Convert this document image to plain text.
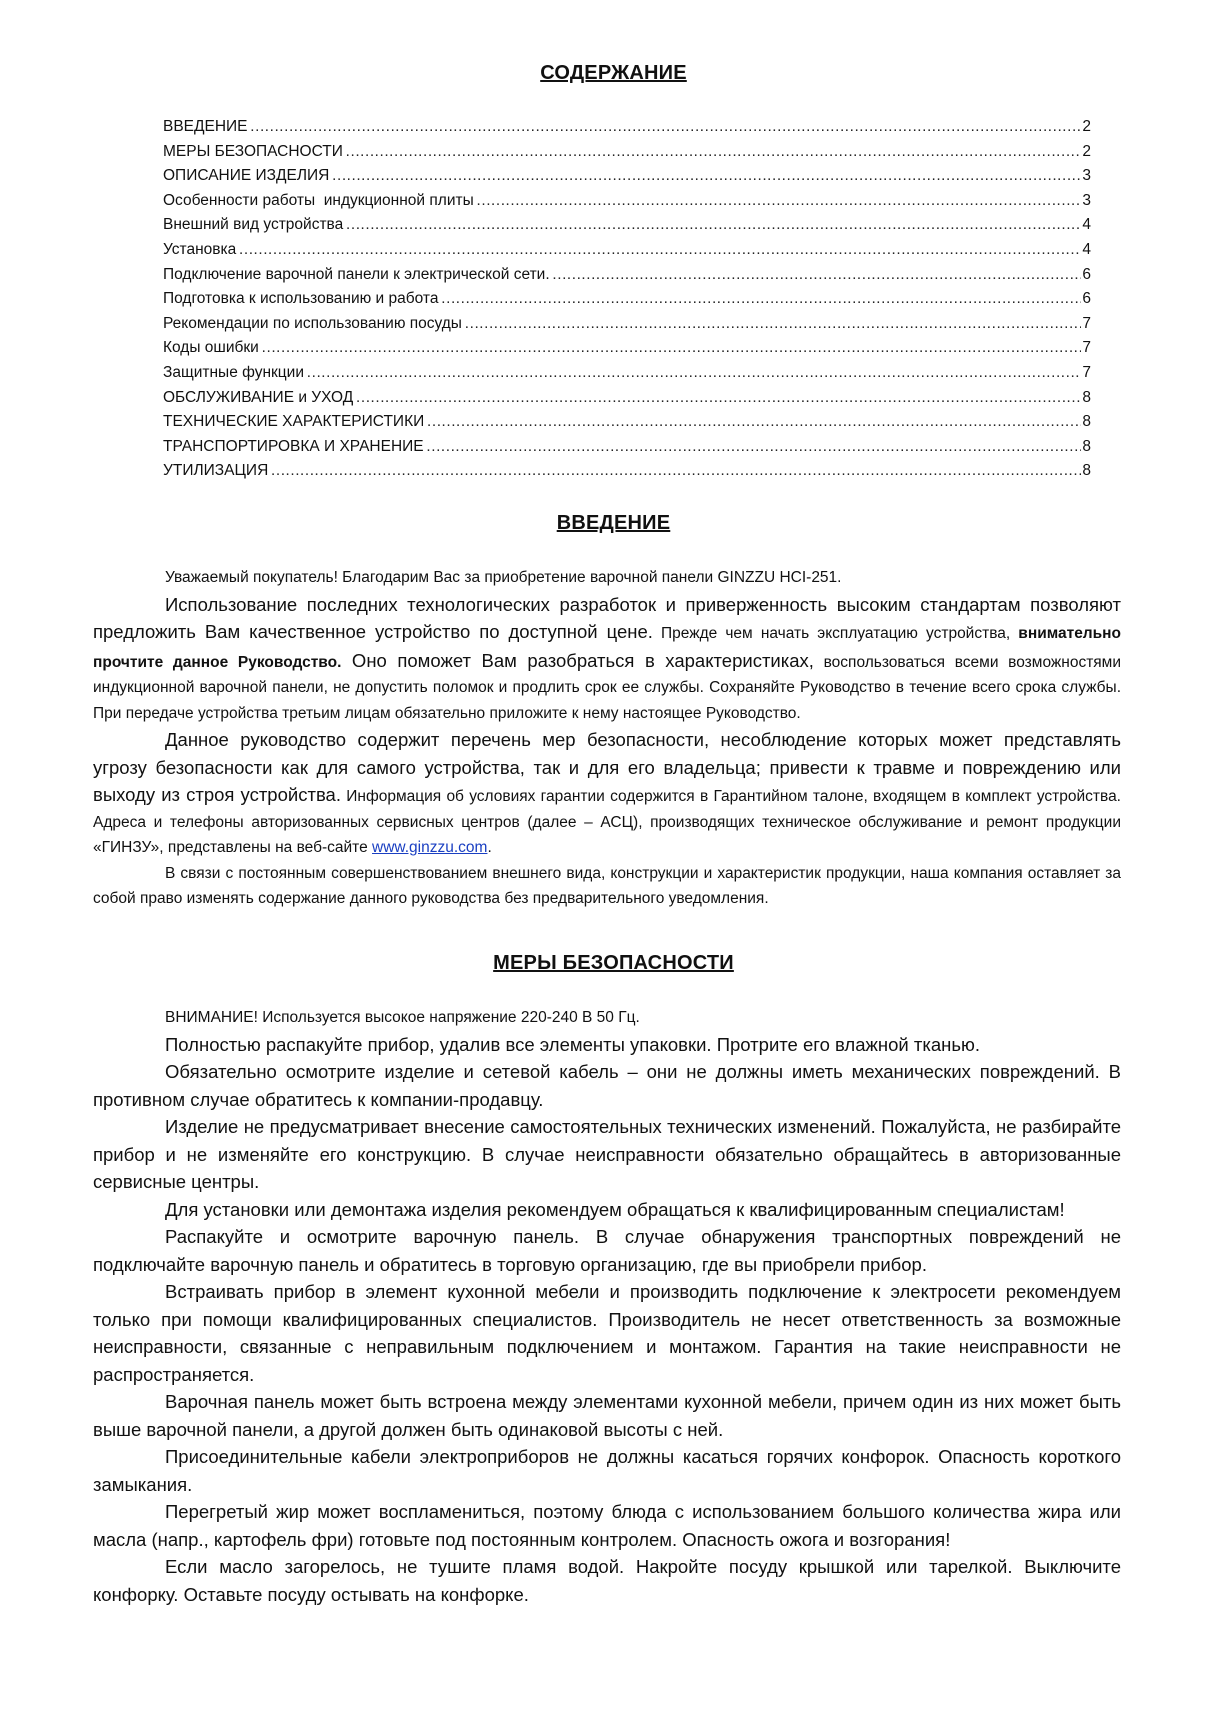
СОДЕРЖАНИЕ
ВВЕДЕНИЕ ………………………………………………………………………………………………………………………………………………………………………………………………………………………………………………………………………………………………………………………………………………………………………………	2
МЕРЫ БЕЗОПАСНОСТИ ………………………………………………………………………………………………………………………………………………………………………………………………………………………………………………………………………………………………………………………………………………………………………………	2
ОПИСАНИЕ ИЗДЕЛИЯ ………………………………………………………………………………………………………………………………………………………………………………………………………………………………………………………………………………………………………………………………………………………………………………	3
Особенности работы  индукционной плиты ………………………………………………………………………………………………………………………………………………………………………………………………………………………………………………………………………………………………………………………………………………………………………………	3
Внешний вид устройства ………………………………………………………………………………………………………………………………………………………………………………………………………………………………………………………………………………………………………………………………………………………………………………	4
Установка ………………………………………………………………………………………………………………………………………………………………………………………………………………………………………………………………………………………………………………………………………………………………………………	4
Подключение варочной панели к электрической сети. ………………………………………………………………………………………………………………………………………………………………………………………………………………………………………………………………………………………………………………………………………………………………………………	6
Подготовка к использованию и работа ………………………………………………………………………………………………………………………………………………………………………………………………………………………………………………………………………………………………………………………………………………………………………………	6
Рекомендации по использованию посуды ………………………………………………………………………………………………………………………………………………………………………………………………………………………………………………………………………………………………………………………………………………………………………………	7
Коды ошибки ………………………………………………………………………………………………………………………………………………………………………………………………………………………………………………………………………………………………………………………………………………………………………………	7
Защитные функции ………………………………………………………………………………………………………………………………………………………………………………………………………………………………………………………………………………………………………………………………………………………………………………	7
ОБСЛУЖИВАНИЕ и УХОД ………………………………………………………………………………………………………………………………………………………………………………………………………………………………………………………………………………………………………………………………………………………………………………	8
ТЕХНИЧЕСКИЕ ХАРАКТЕРИСТИКИ ………………………………………………………………………………………………………………………………………………………………………………………………………………………………………………………………………………………………………………………………………………………………………………	8
ТРАНСПОРТИРОВКА И ХРАНЕНИЕ ………………………………………………………………………………………………………………………………………………………………………………………………………………………………………………………………………………………………………………………………………………………………………………	8
УТИЛИЗАЦИЯ ………………………………………………………………………………………………………………………………………………………………………………………………………………………………………………………………………………………………………………………………………………………………………………	8
ВВЕДЕНИЕ

Уважаемый покупатель! Благодарим Вас за приобретение варочной панели GINZZU HCI-251.

Использование последних технологических разработок и приверженность высоким стандартам позволяют предложить Вам качественное устройство по доступной цене. Прежде чем начать эксплуатацию устройства, внимательно прочтите данное Руководство. Оно поможет Вам разобраться в характеристиках, воспользоваться всеми возможностями индукционной варочной панели, не допустить поломок и продлить срок ее службы. Сохраняйте Руководство в течение всего срока службы. При передаче устройства третьим лицам обязательно приложите к нему настоящее Руководство.

Данное руководство содержит перечень мер безопасности, несоблюдение которых может представлять угрозу безопасности как для самого устройства, так и для его владельца; привести к травме и повреждению или выходу из строя устройства. Информация об условиях гарантии содержится в Гарантийном талоне, входящем в комплект устройства. Адреса и телефоны авторизованных сервисных центров (далее – АСЦ), производящих техническое обслуживание и ремонт продукции «ГИНЗУ», представлены на веб-сайте www.ginzzu.com.

В связи с постоянным совершенствованием внешнего вида, конструкции и характеристик продукции, наша компания оставляет за собой право изменять содержание данного руководства без предварительного уведомления.

МЕРЫ БЕЗОПАСНОСТИ

ВНИМАНИЕ! Используется высокое напряжение 220-240 В 50 Гц.

Полностью распакуйте прибор, удалив все элементы упаковки. Протрите его влажной тканью.

Обязательно осмотрите изделие и сетевой кабель – они не должны иметь механических повреждений. В противном случае обратитесь к компании-продавцу.

Изделие не предусматривает внесение самостоятельных технических изменений. Пожалуйста, не разбирайте прибор и не изменяйте его конструкцию. В случае неисправности обязательно обращайтесь в авторизованные сервисные центры.

Для установки или демонтажа изделия рекомендуем обращаться к квалифицированным специалистам!

Распакуйте и осмотрите варочную панель. В случае обнаружения транспортных повреждений не подключайте варочную панель и обратитесь в торговую организацию, где вы приобрели прибор.

Встраивать прибор в элемент кухонной мебели и производить подключение к электросети рекомендуем только при помощи квалифицированных специалистов. Производитель не несет ответственность за возможные неисправности, связанные с неправильным подключением и монтажом. Гарантия на такие неисправности не распространяется.

Варочная панель может быть встроена между элементами кухонной мебели, причем один из них может быть выше варочной панели, а другой должен быть одинаковой высоты с ней.

Присоединительные кабели электроприборов не должны касаться горячих конфорок. Опасность короткого замыкания.

Перегретый жир может воспламениться, поэтому блюда с использованием большого количества жира или масла (напр., картофель фри) готовьте под постоянным контролем. Опасность ожога и возгорания!

Если масло загорелось, не тушите пламя водой. Накройте посуду крышкой или тарелкой. Выключите конфорку. Оставьте посуду остывать на конфорке.
